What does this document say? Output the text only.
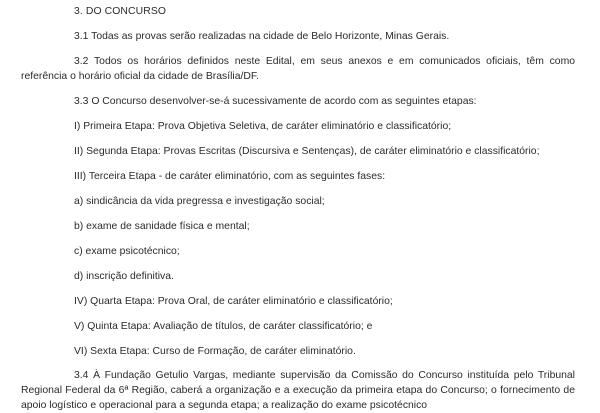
3. DO CONCURSO

3.1 Todas as provas serão realizadas na cidade de Belo Horizonte, Minas Gerais.

3.2 Todos os horários definidos neste Edital, em seus anexos e em comunicados oficiais, têm como referência o horário oficial da cidade de Brasília/DF.

3.3 O Concurso desenvolver-se-á sucessivamente de acordo com as seguintes etapas:

I) Primeira Etapa: Prova Objetiva Seletiva, de caráter eliminatório e classificatório;

II) Segunda Etapa: Provas Escritas (Discursiva e Sentenças), de caráter eliminatório e classificatório;

III) Terceira Etapa - de caráter eliminatório, com as seguintes fases:

a) sindicância da vida pregressa e investigação social;

b) exame de sanidade física e mental;

c) exame psicotécnico;

d) inscrição definitiva.

IV) Quarta Etapa: Prova Oral, de caráter eliminatório e classificatório;

V) Quinta Etapa: Avaliação de títulos, de caráter classificatório; e

VI) Sexta Etapa: Curso de Formação, de caráter eliminatório.

3.4 À Fundação Getulio Vargas, mediante supervisão da Comissão do Concurso instituída pelo Tribunal Regional Federal da 6ª Região, caberá a organização e a execução da primeira etapa do Concurso; o fornecimento de apoio logístico e operacional para a segunda etapa; a realização do exame psicotécnico
